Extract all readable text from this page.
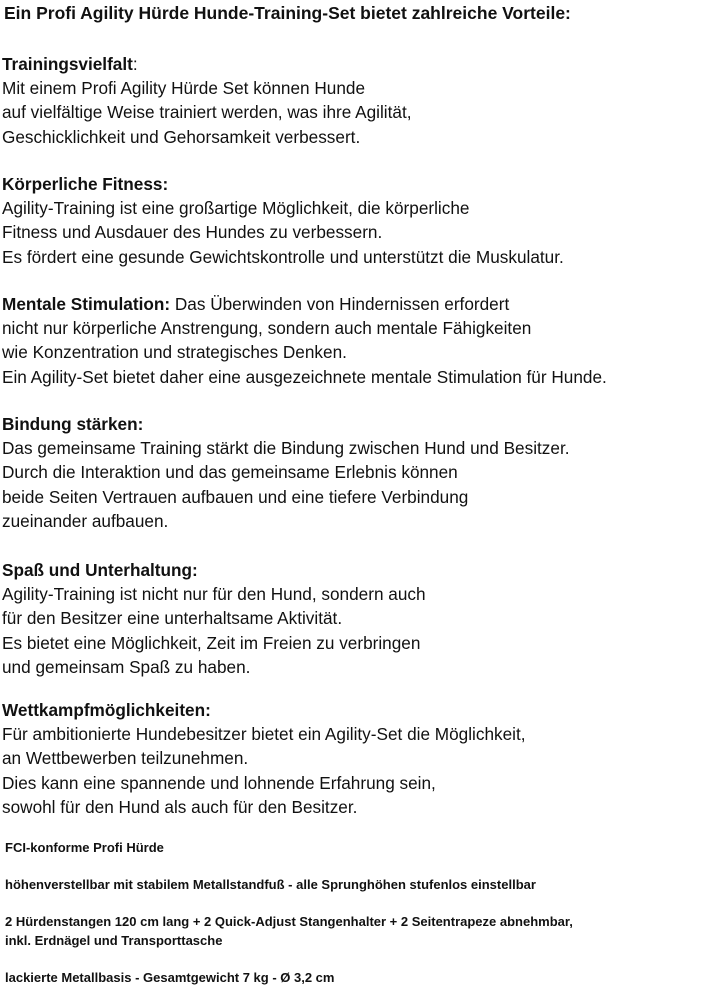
Ein Profi Agility Hürde Hunde-Training-Set bietet zahlreiche Vorteile:
Trainingsvielfalt:
Mit einem Profi Agility Hürde Set können Hunde
auf vielfältige Weise trainiert werden, was ihre Agilität,
Geschicklichkeit und Gehorsamkeit verbessert.
Körperliche Fitness:
Agility-Training ist eine großartige Möglichkeit, die körperliche
Fitness und Ausdauer des Hundes zu verbessern.
Es fördert eine gesunde Gewichtskontrolle und unterstützt die Muskulatur.
Mentale Stimulation: Das Überwinden von Hindernissen erfordert
nicht nur körperliche Anstrengung, sondern auch mentale Fähigkeiten
wie Konzentration und strategisches Denken.
Ein Agility-Set bietet daher eine ausgezeichnete mentale Stimulation für Hunde.
Bindung stärken:
Das gemeinsame Training stärkt die Bindung zwischen Hund und Besitzer.
Durch die Interaktion und das gemeinsame Erlebnis können
beide Seiten Vertrauen aufbauen und eine tiefere Verbindung
zueinander aufbauen.
Spaß und Unterhaltung:
Agility-Training ist nicht nur für den Hund, sondern auch
für den Besitzer eine unterhaltsame Aktivität.
Es bietet eine Möglichkeit, Zeit im Freien zu verbringen
und gemeinsam Spaß zu haben.
Wettkampfmöglichkeiten:
Für ambitionierte Hundebesitzer bietet ein Agility-Set die Möglichkeit,
an Wettbewerben teilzunehmen.
Dies kann eine spannende und lohnende Erfahrung sein,
sowohl für den Hund als auch für den Besitzer.
FCI-konforme Profi Hürde
höhenverstellbar mit stabilem Metallstandfuß - alle Sprunghöhen stufenlos einstellbar
2 Hürdenstangen 120 cm lang + 2 Quick-Adjust Stangenhalter + 2 Seitentrapeze abnehmbar,
inkl. Erdnägel und Transporttasche
lackierte Metallbasis - Gesamtgewicht 7 kg - Ø 3,2 cm
